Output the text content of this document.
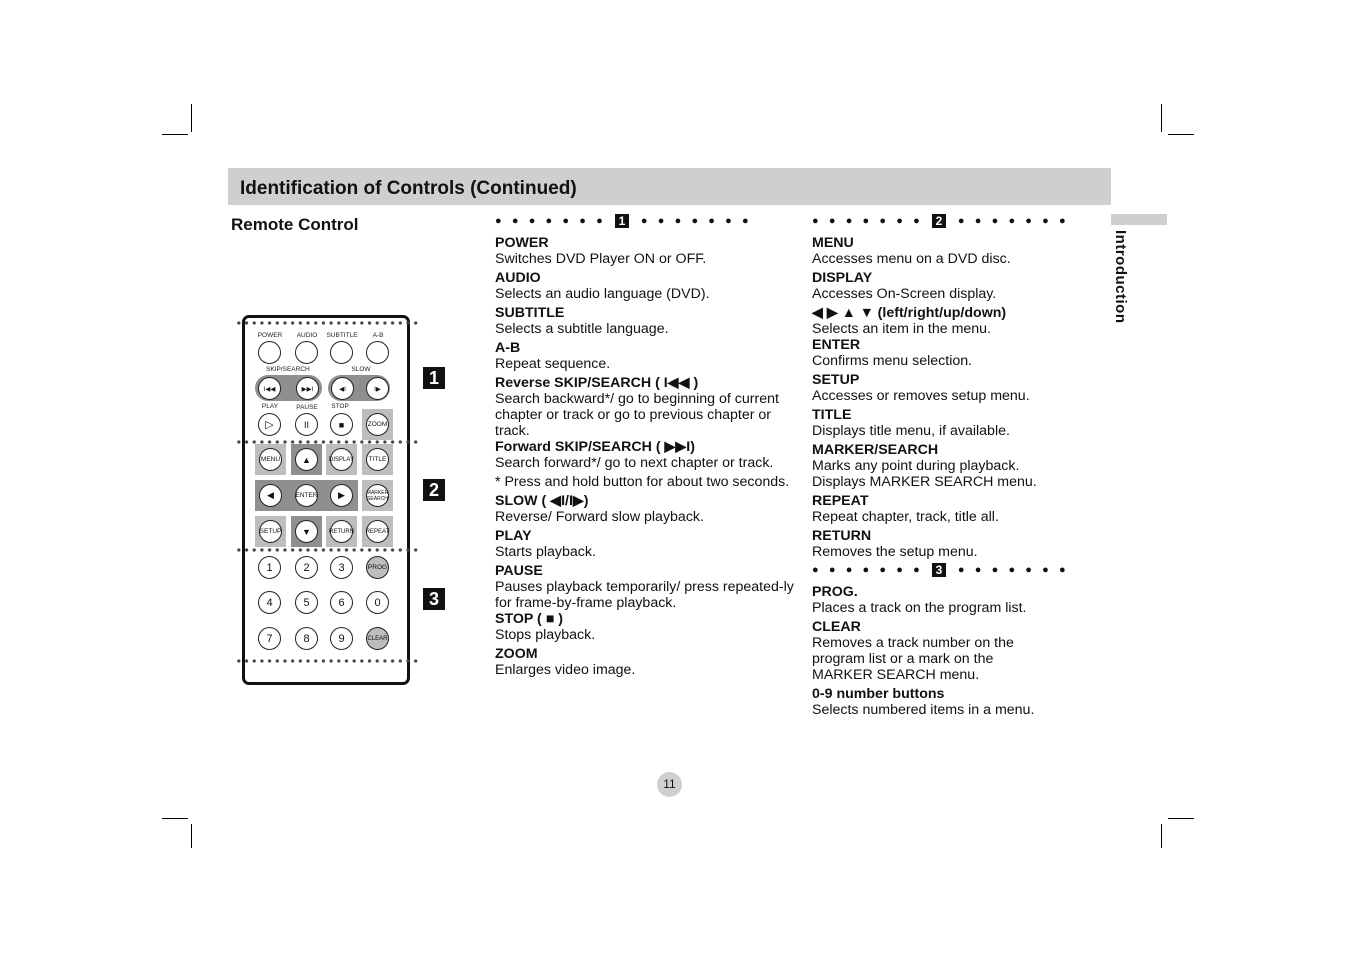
Identification of Controls (Continued)
Remote Control
Introduction
POWER	AUDIO	SUBTITLE	A-B
SKIP/SEARCH	SLOW
I◀◀	▶▶I	◀I	I▶
PLAY	PAUSE	STOP
▷	II	■	ZOOM
MENU	▲	DISPLAY	TITLE
◀	ENTER	▶	MARKER SEARCH
SETUP	▼	RETURN REPEAT
1	2	3	PROG
4	5	6	0
7	8	9	CLEAR
1
2
3
●●●●●●● 1 ●●●●●●●
POWER
Switches DVD Player ON or OFF.
AUDIO
Selects an audio language (DVD).
SUBTITLE
Selects a subtitle language.
A-B
Repeat sequence.
Reverse SKIP/SEARCH ( I◀◀ )
Search backward*/ go to beginning of current chapter or track or go to previous chapter or track.
Forward SKIP/SEARCH ( ▶▶I)
Search forward*/ go to next chapter or track.
* Press and hold button for about two seconds.
SLOW ( ◀I/I▶)
Reverse/ Forward slow playback.
PLAY
Starts playback.
PAUSE
Pauses playback temporarily/ press repeated-ly for frame-by-frame playback.
STOP ( ■ )
Stops playback.
ZOOM
Enlarges video image.
●●●●●●● 2 ●●●●●●●
MENU
Accesses menu on a DVD disc.
DISPLAY
Accesses On-Screen display.
◀ ▶ ▲ ▼ (left/right/up/down)
Selects an item in the menu.
ENTER
Confirms menu selection.
SETUP
Accesses or removes setup menu.
TITLE
Displays title menu, if available.
MARKER/SEARCH
Marks any point during playback. Displays MARKER SEARCH menu.
REPEAT
Repeat chapter, track, title all.
RETURN
Removes the setup menu.
●●●●●●● 3 ●●●●●●●
PROG.
Places a track on the program list.
CLEAR
Removes a track number on the program list or a mark on the MARKER SEARCH menu.
0-9 number buttons
Selects numbered items in a menu.
11
